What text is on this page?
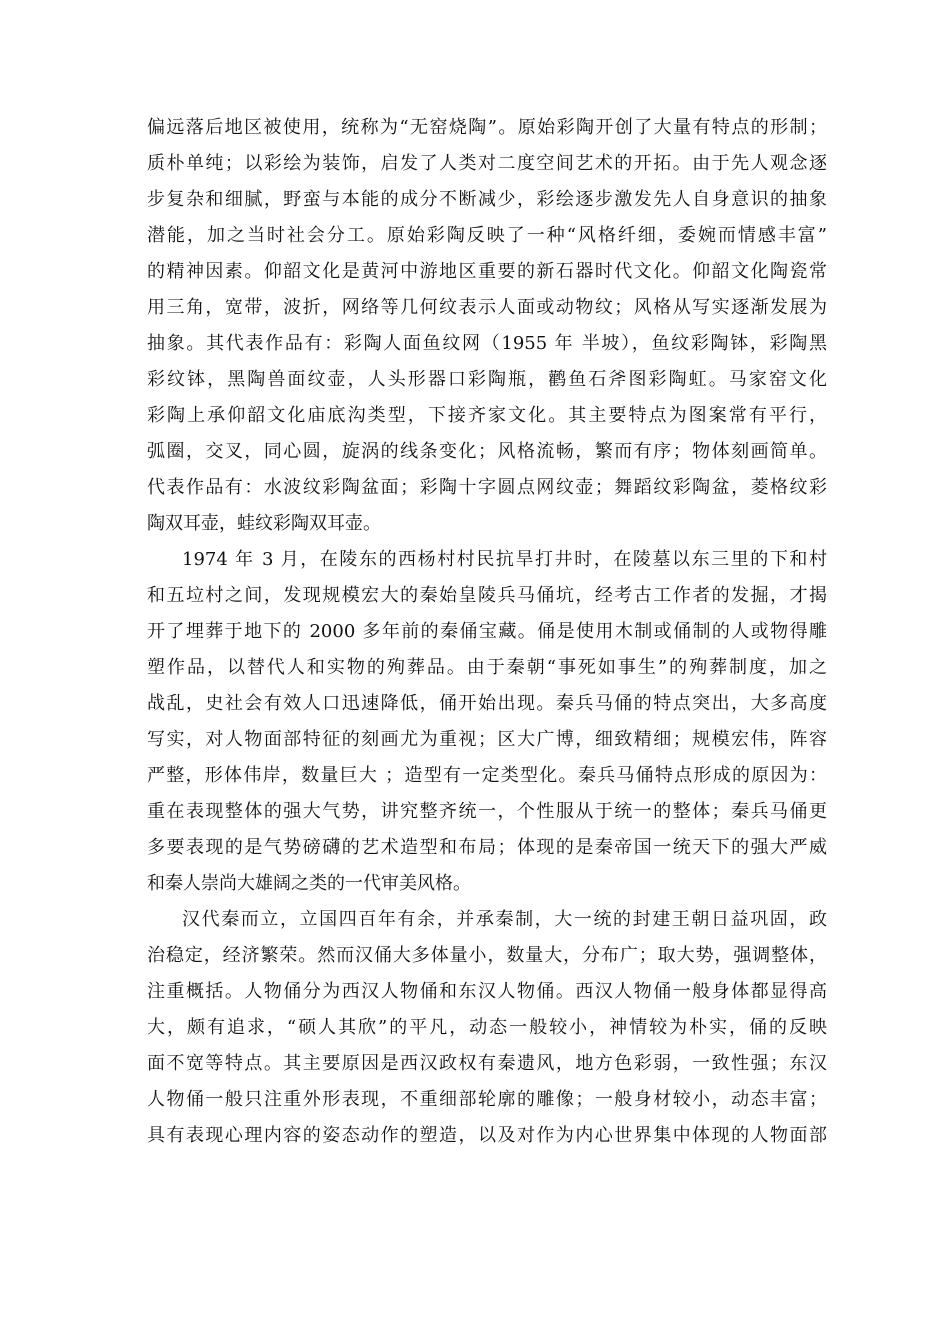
偏远落后地区被使用，统称为“无窑烧陶”。原始彩陶开创了大量有特点的形制；
质朴单纯；以彩绘为装饰，启发了人类对二度空间艺术的开拓。由于先人观念逐
步复杂和细腻，野蛮与本能的成分不断减少，彩绘逐步激发先人自身意识的抽象
潜能，加之当时社会分工。原始彩陶反映了一种“风格纤细，委婉而情感丰富”
的精神因素。仰韶文化是黄河中游地区重要的新石器时代文化。仰韶文化陶瓷常
用三角，宽带，波折，网络等几何纹表示人面或动物纹；风格从写实逐渐发展为
抽象。其代表作品有：彩陶人面鱼纹网（1955 年 半坡），鱼纹彩陶钵，彩陶黑
彩纹钵，黑陶兽面纹壶，人头形器口彩陶瓶，鹳鱼石斧图彩陶虹。马家窑文化
彩陶上承仰韶文化庙底沟类型，下接齐家文化。其主要特点为图案常有平行，
弧圈，交叉，同心圆，旋涡的线条变化；风格流畅，繁而有序；物体刻画简单。
代表作品有：水波纹彩陶盆面；彩陶十字圆点网纹壶；舞蹈纹彩陶盆，菱格纹彩
陶双耳壶，蛙纹彩陶双耳壶。
1974 年 3 月，在陵东的西杨村村民抗旱打井时，在陵墓以东三里的下和村
和五垃村之间，发现规模宏大的秦始皇陵兵马俑坑，经考古工作者的发掘，才揭
开了埋葬于地下的 2000 多年前的秦俑宝藏。俑是使用木制或俑制的人或物得雕
塑作品，以替代人和实物的殉葬品。由于秦朝“事死如事生”的殉葬制度，加之
战乱，史社会有效人口迅速降低，俑开始出现。秦兵马俑的特点突出，大多高度
写实，对人物面部特征的刻画尤为重视；区大广博，细致精细；规模宏伟，阵容
严整，形体伟岸，数量巨大 ；造型有一定类型化。秦兵马俑特点形成的原因为：
重在表现整体的强大气势，讲究整齐统一，个性服从于统一的整体；秦兵马俑更
多要表现的是气势磅礴的艺术造型和布局；体现的是秦帝国一统天下的强大严威
和秦人崇尚大雄阔之类的一代审美风格。
汉代秦而立，立国四百年有余，并承秦制，大一统的封建王朝日益巩固，政
治稳定，经济繁荣。然而汉俑大多体量小，数量大，分布广；取大势，强调整体，
注重概括。人物俑分为西汉人物俑和东汉人物俑。西汉人物俑一般身体都显得高
大，颇有追求，“硕人其欣”的平凡，动态一般较小，神情较为朴实，俑的反映
面不宽等特点。其主要原因是西汉政权有秦遗风，地方色彩弱，一致性强；东汉
人物俑一般只注重外形表现，不重细部轮廓的雕像；一般身材较小，动态丰富；
具有表现心理内容的姿态动作的塑造，以及对作为内心世界集中体现的人物面部
